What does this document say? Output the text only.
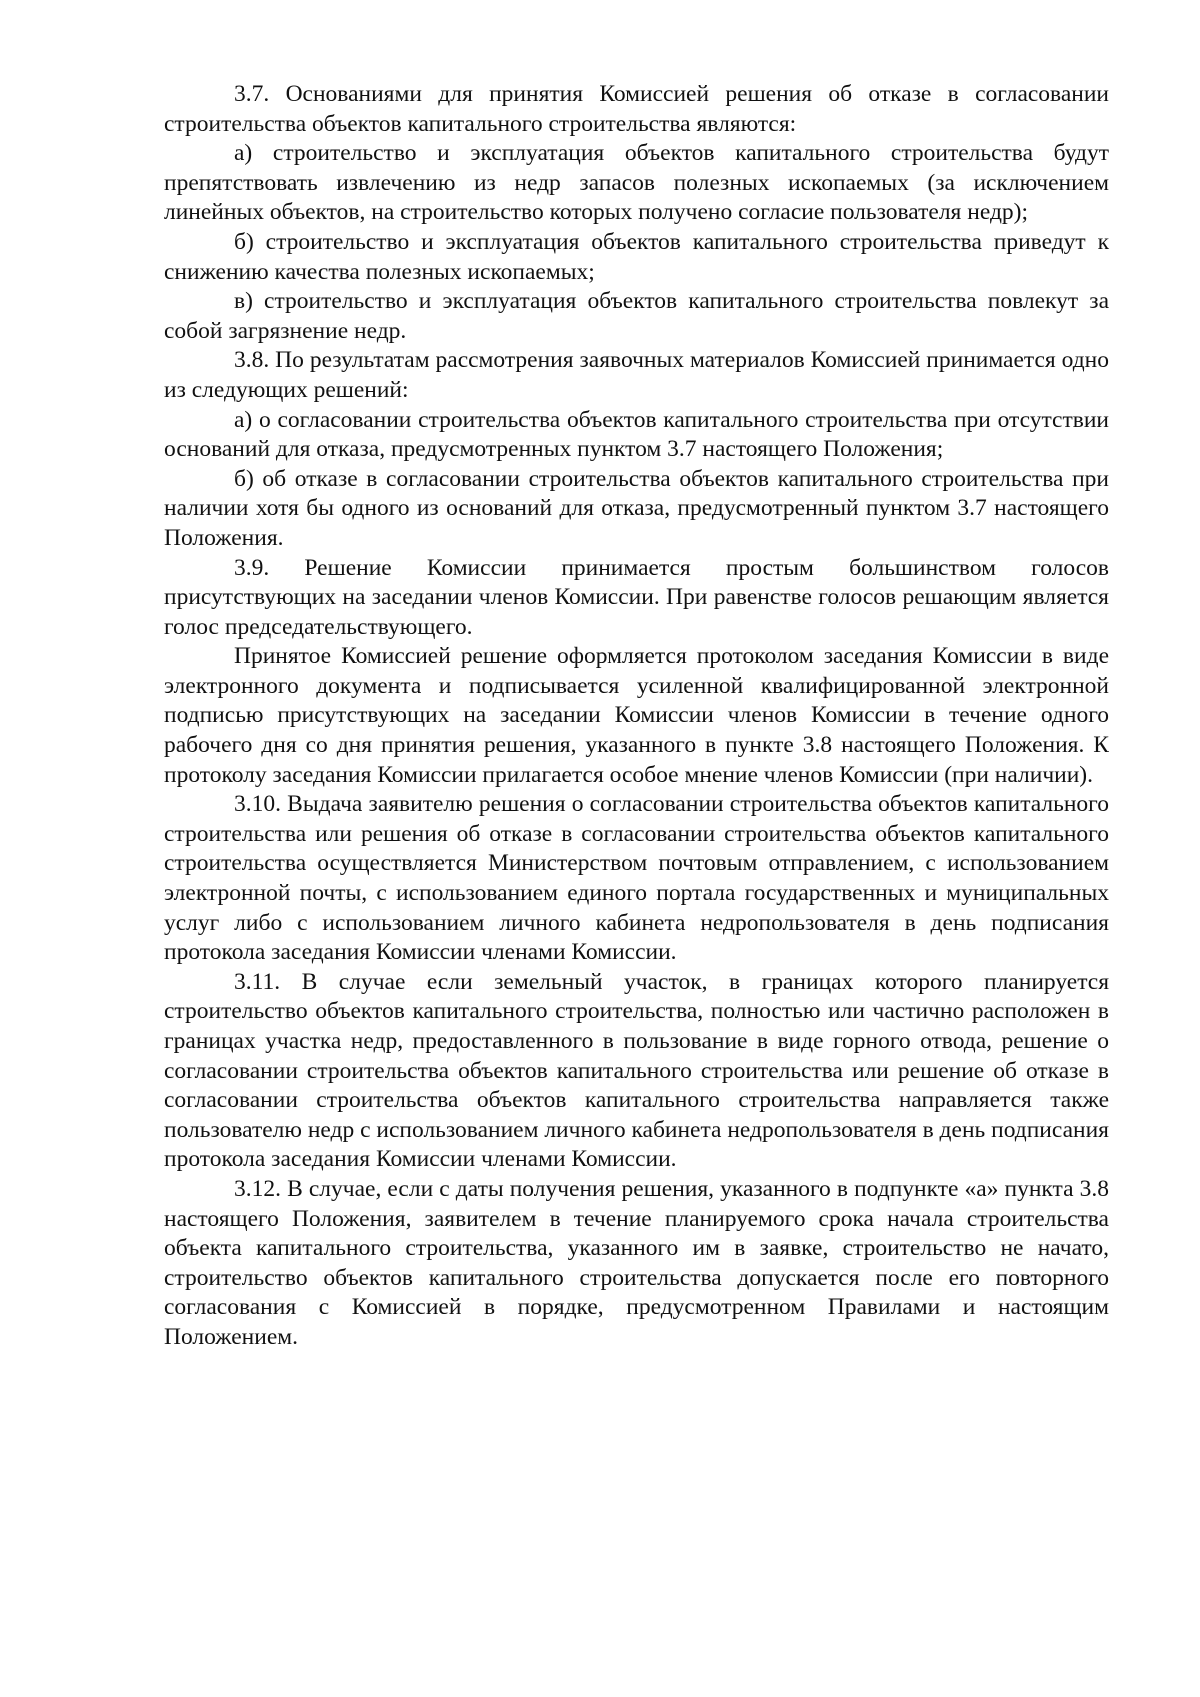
3.7. Основаниями для принятия Комиссией решения об отказе в согласовании строительства объектов капитального строительства являются:

а) строительство и эксплуатация объектов капитального строительства будут препятствовать извлечению из недр запасов полезных ископаемых (за исключением линейных объектов, на строительство которых получено согласие пользователя недр);

б) строительство и эксплуатация объектов капитального строительства приведут к снижению качества полезных ископаемых;

в) строительство и эксплуатация объектов капитального строительства повлекут за собой загрязнение недр.

3.8. По результатам рассмотрения заявочных материалов Комиссией принимается одно из следующих решений:

а) о согласовании строительства объектов капитального строительства при отсутствии оснований для отказа, предусмотренных пунктом 3.7 настоящего Положения;

б) об отказе в согласовании строительства объектов капитального строительства при наличии хотя бы одного из оснований для отказа, предусмотренный пунктом 3.7 настоящего Положения.

3.9. Решение Комиссии принимается простым большинством голосов присутствующих на заседании членов Комиссии. При равенстве голосов решающим является голос председательствующего.

Принятое Комиссией решение оформляется протоколом заседания Комиссии в виде электронного документа и подписывается усиленной квалифицированной электронной подписью присутствующих на заседании Комиссии членов Комиссии в течение одного рабочего дня со дня принятия решения, указанного в пункте 3.8 настоящего Положения. К протоколу заседания Комиссии прилагается особое мнение членов Комиссии (при наличии).

3.10. Выдача заявителю решения о согласовании строительства объектов капитального строительства или решения об отказе в согласовании строительства объектов капитального строительства осуществляется Министерством почтовым отправлением, с использованием электронной почты, с использованием единого портала государственных и муниципальных услуг либо с использованием личного кабинета недропользователя в день подписания протокола заседания Комиссии членами Комиссии.

3.11. В случае если земельный участок, в границах которого планируется строительство объектов капитального строительства, полностью или частично расположен в границах участка недр, предоставленного в пользование в виде горного отвода, решение о согласовании строительства объектов капитального строительства или решение об отказе в согласовании строительства объектов капитального строительства направляется также пользователю недр с использованием личного кабинета недропользователя в день подписания протокола заседания Комиссии членами Комиссии.

3.12. В случае, если с даты получения решения, указанного в подпункте «а» пункта 3.8 настоящего Положения, заявителем в течение планируемого срока начала строительства объекта капитального строительства, указанного им в заявке, строительство не начато, строительство объектов капитального строительства допускается после его повторного согласования с Комиссией в порядке, предусмотренном Правилами и настоящим Положением.
